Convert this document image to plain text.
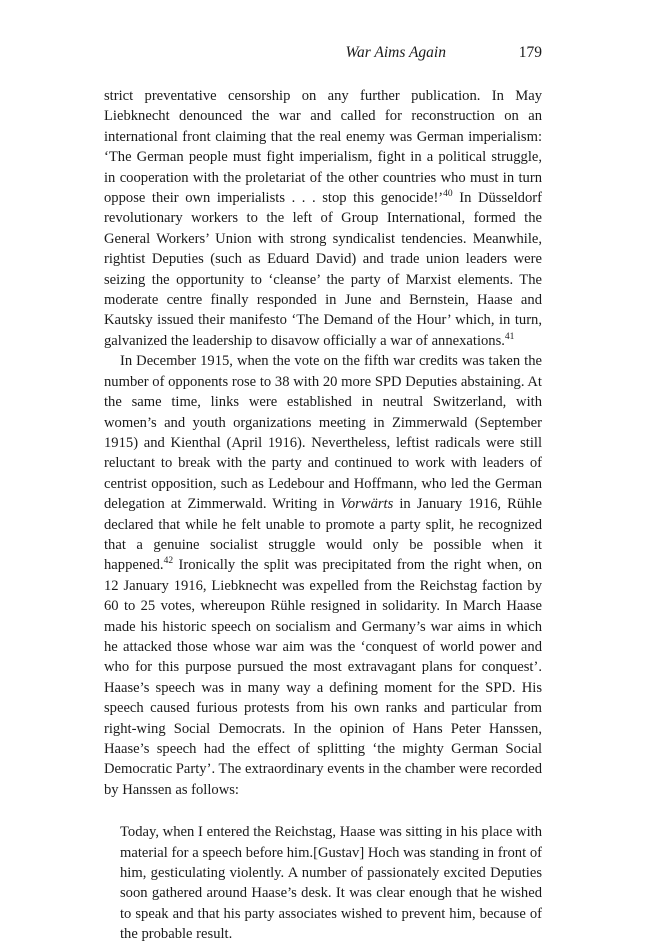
War Aims Again	179

strict preventative censorship on any further publication. In May Liebknecht denounced the war and called for reconstruction on an international front claiming that the real enemy was German imperialism: ‘The German people must fight imperialism, fight in a political struggle, in cooperation with the proletariat of the other countries who must in turn oppose their own imperialists . . . stop this genocide!’$^{40}$ In Düsseldorf revolutionary workers to the left of Group International, formed the General Workers’ Union with strong syndicalist tendencies. Meanwhile, rightist Deputies (such as Eduard David) and trade union leaders were seizing the opportunity to ‘cleanse’ the party of Marxist elements. The moderate centre finally responded in June and Bernstein, Haase and Kautsky issued their manifesto ‘The Demand of the Hour’ which, in turn, galvanized the leadership to disavow officially a war of annexations.$^{41}$

In December 1915, when the vote on the fifth war credits was taken the number of opponents rose to 38 with 20 more SPD Deputies abstaining. At the same time, links were established in neutral Switzerland, with women’s and youth organizations meeting in Zimmerwald (September 1915) and Kienthal (April 1916). Nevertheless, leftist radicals were still reluctant to break with the party and continued to work with leaders of centrist opposition, such as Ledebour and Hoffmann, who led the German delegation at Zimmerwald. Writing in Vorwärts in January 1916, Rühle declared that while he felt unable to promote a party split, he recognized that a genuine socialist struggle would only be possible when it happened.$^{42}$ Ironically the split was precipitated from the right when, on 12 January 1916, Liebknecht was expelled from the Reichstag faction by 60 to 25 votes, whereupon Rühle resigned in solidarity. In March Haase made his historic speech on socialism and Germany’s war aims in which he attacked those whose war aim was the ‘conquest of world power and who for this purpose pursued the most extravagant plans for conquest’. Haase’s speech was in many way a defining moment for the SPD. His speech caused furious protests from his own ranks and particular from right-wing Social Democrats. In the opinion of Hans Peter Hanssen, Haase’s speech had the effect of splitting ‘the mighty German Social Democratic Party’. The extraordinary events in the chamber were recorded by Hanssen as follows:

Today, when I entered the Reichstag, Haase was sitting in his place with material for a speech before him.[Gustav] Hoch was standing in front of him, gesticulating violently. A number of passionately excited Deputies soon gathered around Haase’s desk. It was clear enough that he wished to speak and that his party associates wished to prevent him, because of the probable result.
